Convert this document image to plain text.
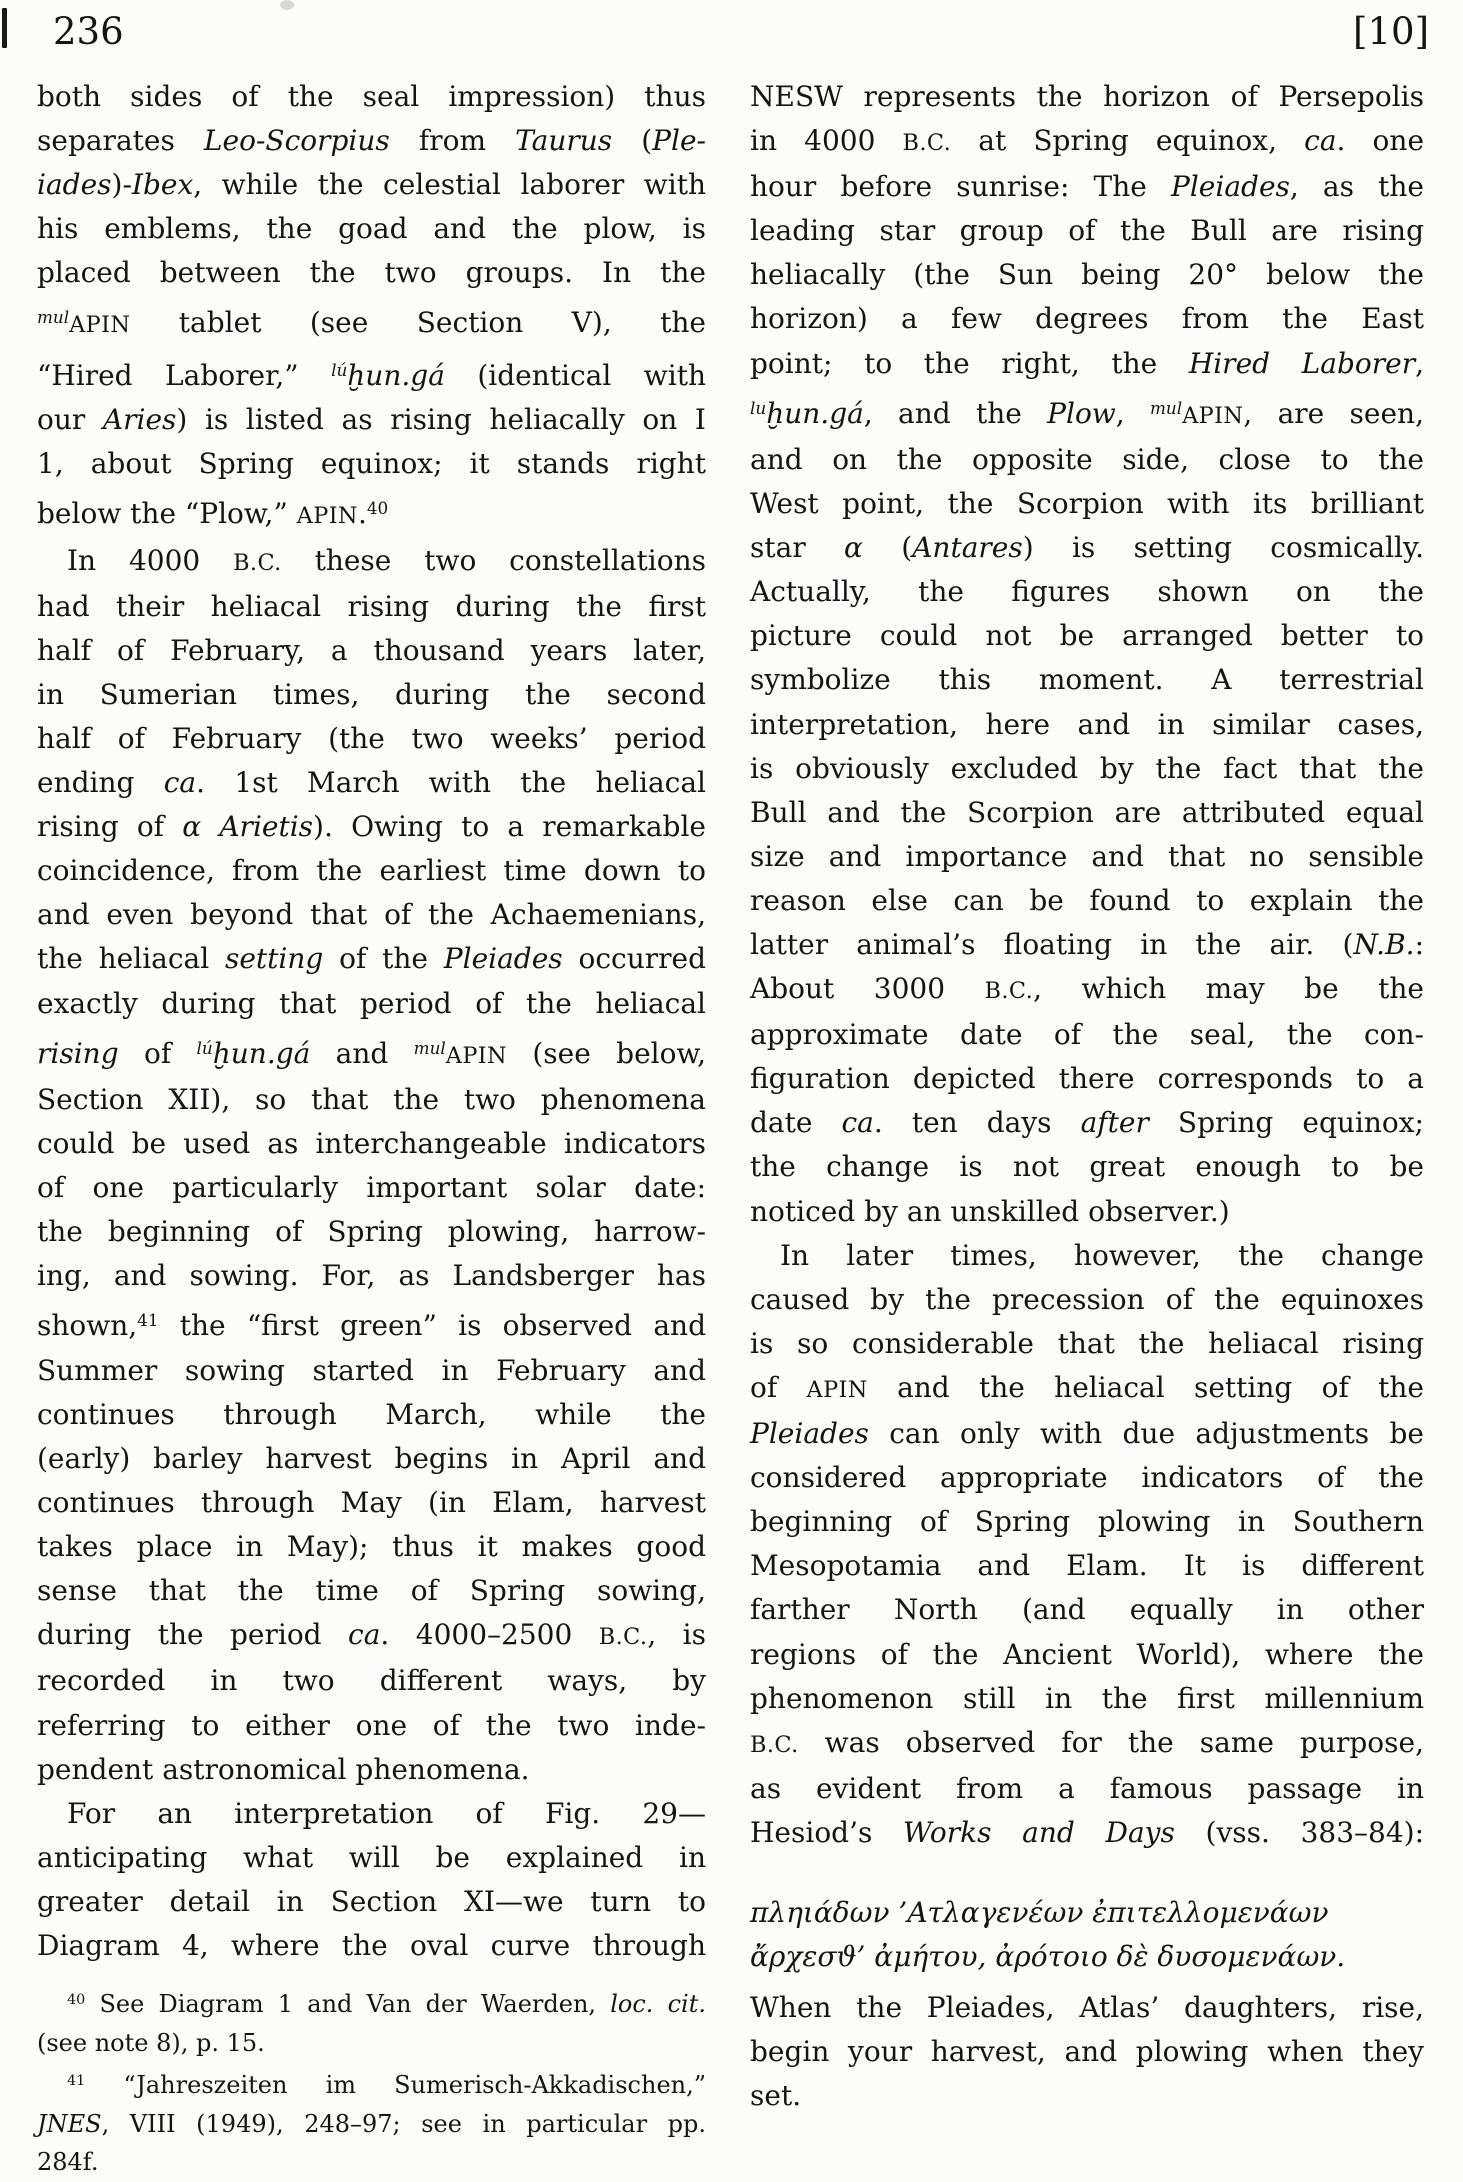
236	[10]
both sides of the seal impression) thus
separates Leo-Scorpius from Taurus (Ple-
iades)-Ibex, while the celestial laborer with
his emblems, the goad and the plow, is
placed between the two groups. In the
$^{mul}$APIN tablet (see Section V), the
“Hired Laborer,” $^{lú}$ḫun.gá (identical with
our Aries) is listed as rising heliacally on I
1, about Spring equinox; it stands right
below the “Plow,” APIN.$^{40}$
In 4000 B.C. these two constellations
had their heliacal rising during the first
half of February, a thousand years later,
in Sumerian times, during the second
half of February (the two weeks’ period
ending ca. 1st March with the heliacal
rising of α Arietis). Owing to a remarkable
coincidence, from the earliest time down to
and even beyond that of the Achaemenians,
the heliacal setting of the Pleiades occurred
exactly during that period of the heliacal
rising of $^{lú}$ḫun.gá and $^{mul}$APIN (see below,
Section XII), so that the two phenomena
could be used as interchangeable indicators
of one particularly important solar date:
the beginning of Spring plowing, harrow-
ing, and sowing. For, as Landsberger has
shown,$^{41}$ the “first green” is observed and
Summer sowing started in February and
continues through March, while the
(early) barley harvest begins in April and
continues through May (in Elam, harvest
takes place in May); thus it makes good
sense that the time of Spring sowing,
during the period ca. 4000–2500 B.C., is
recorded in two different ways, by
referring to either one of the two inde-
pendent astronomical phenomena.
For an interpretation of Fig. 29—
anticipating what will be explained in
greater detail in Section XI—we turn to
Diagram 4, where the oval curve through
$^{40}$ See Diagram 1 and Van der Waerden, loc. cit.
(see note 8), p. 15.
$^{41}$ “Jahreszeiten im Sumerisch-Akkadischen,”
JNES, VIII (1949), 248–97; see in particular pp.
284f.
NESW represents the horizon of Persepolis
in 4000 B.C. at Spring equinox, ca. one
hour before sunrise: The Pleiades, as the
leading star group of the Bull are rising
heliacally (the Sun being 20° below the
horizon) a few degrees from the East
point; to the right, the Hired Laborer,
$^{lu}$ḫun.gá, and the Plow, $^{mul}$APIN, are seen,
and on the opposite side, close to the
West point, the Scorpion with its brilliant
star α (Antares) is setting cosmically.
Actually, the figures shown on the
picture could not be arranged better to
symbolize this moment. A terrestrial
interpretation, here and in similar cases,
is obviously excluded by the fact that the
Bull and the Scorpion are attributed equal
size and importance and that no sensible
reason else can be found to explain the
latter animal’s floating in the air. (N.B.:
About 3000 B.C., which may be the
approximate date of the seal, the con-
figuration depicted there corresponds to a
date ca. ten days after Spring equinox;
the change is not great enough to be
noticed by an unskilled observer.)
In later times, however, the change
caused by the precession of the equinoxes
is so considerable that the heliacal rising
of APIN and the heliacal setting of the
Pleiades can only with due adjustments be
considered appropriate indicators of the
beginning of Spring plowing in Southern
Mesopotamia and Elam. It is different
farther North (and equally in other
regions of the Ancient World), where the
phenomenon still in the first millennium
B.C. was observed for the same purpose,
as evident from a famous passage in
Hesiod’s Works and Days (vss. 383–84):
πληιάδων ’Ατλαγενέων ἐπιτελλομενάων
ἄρχεσϑ’ ἀμήτου, ἀρότοιο δὲ δυσομενάων.
When the Pleiades, Atlas’ daughters, rise,
begin your harvest, and plowing when they
set.
